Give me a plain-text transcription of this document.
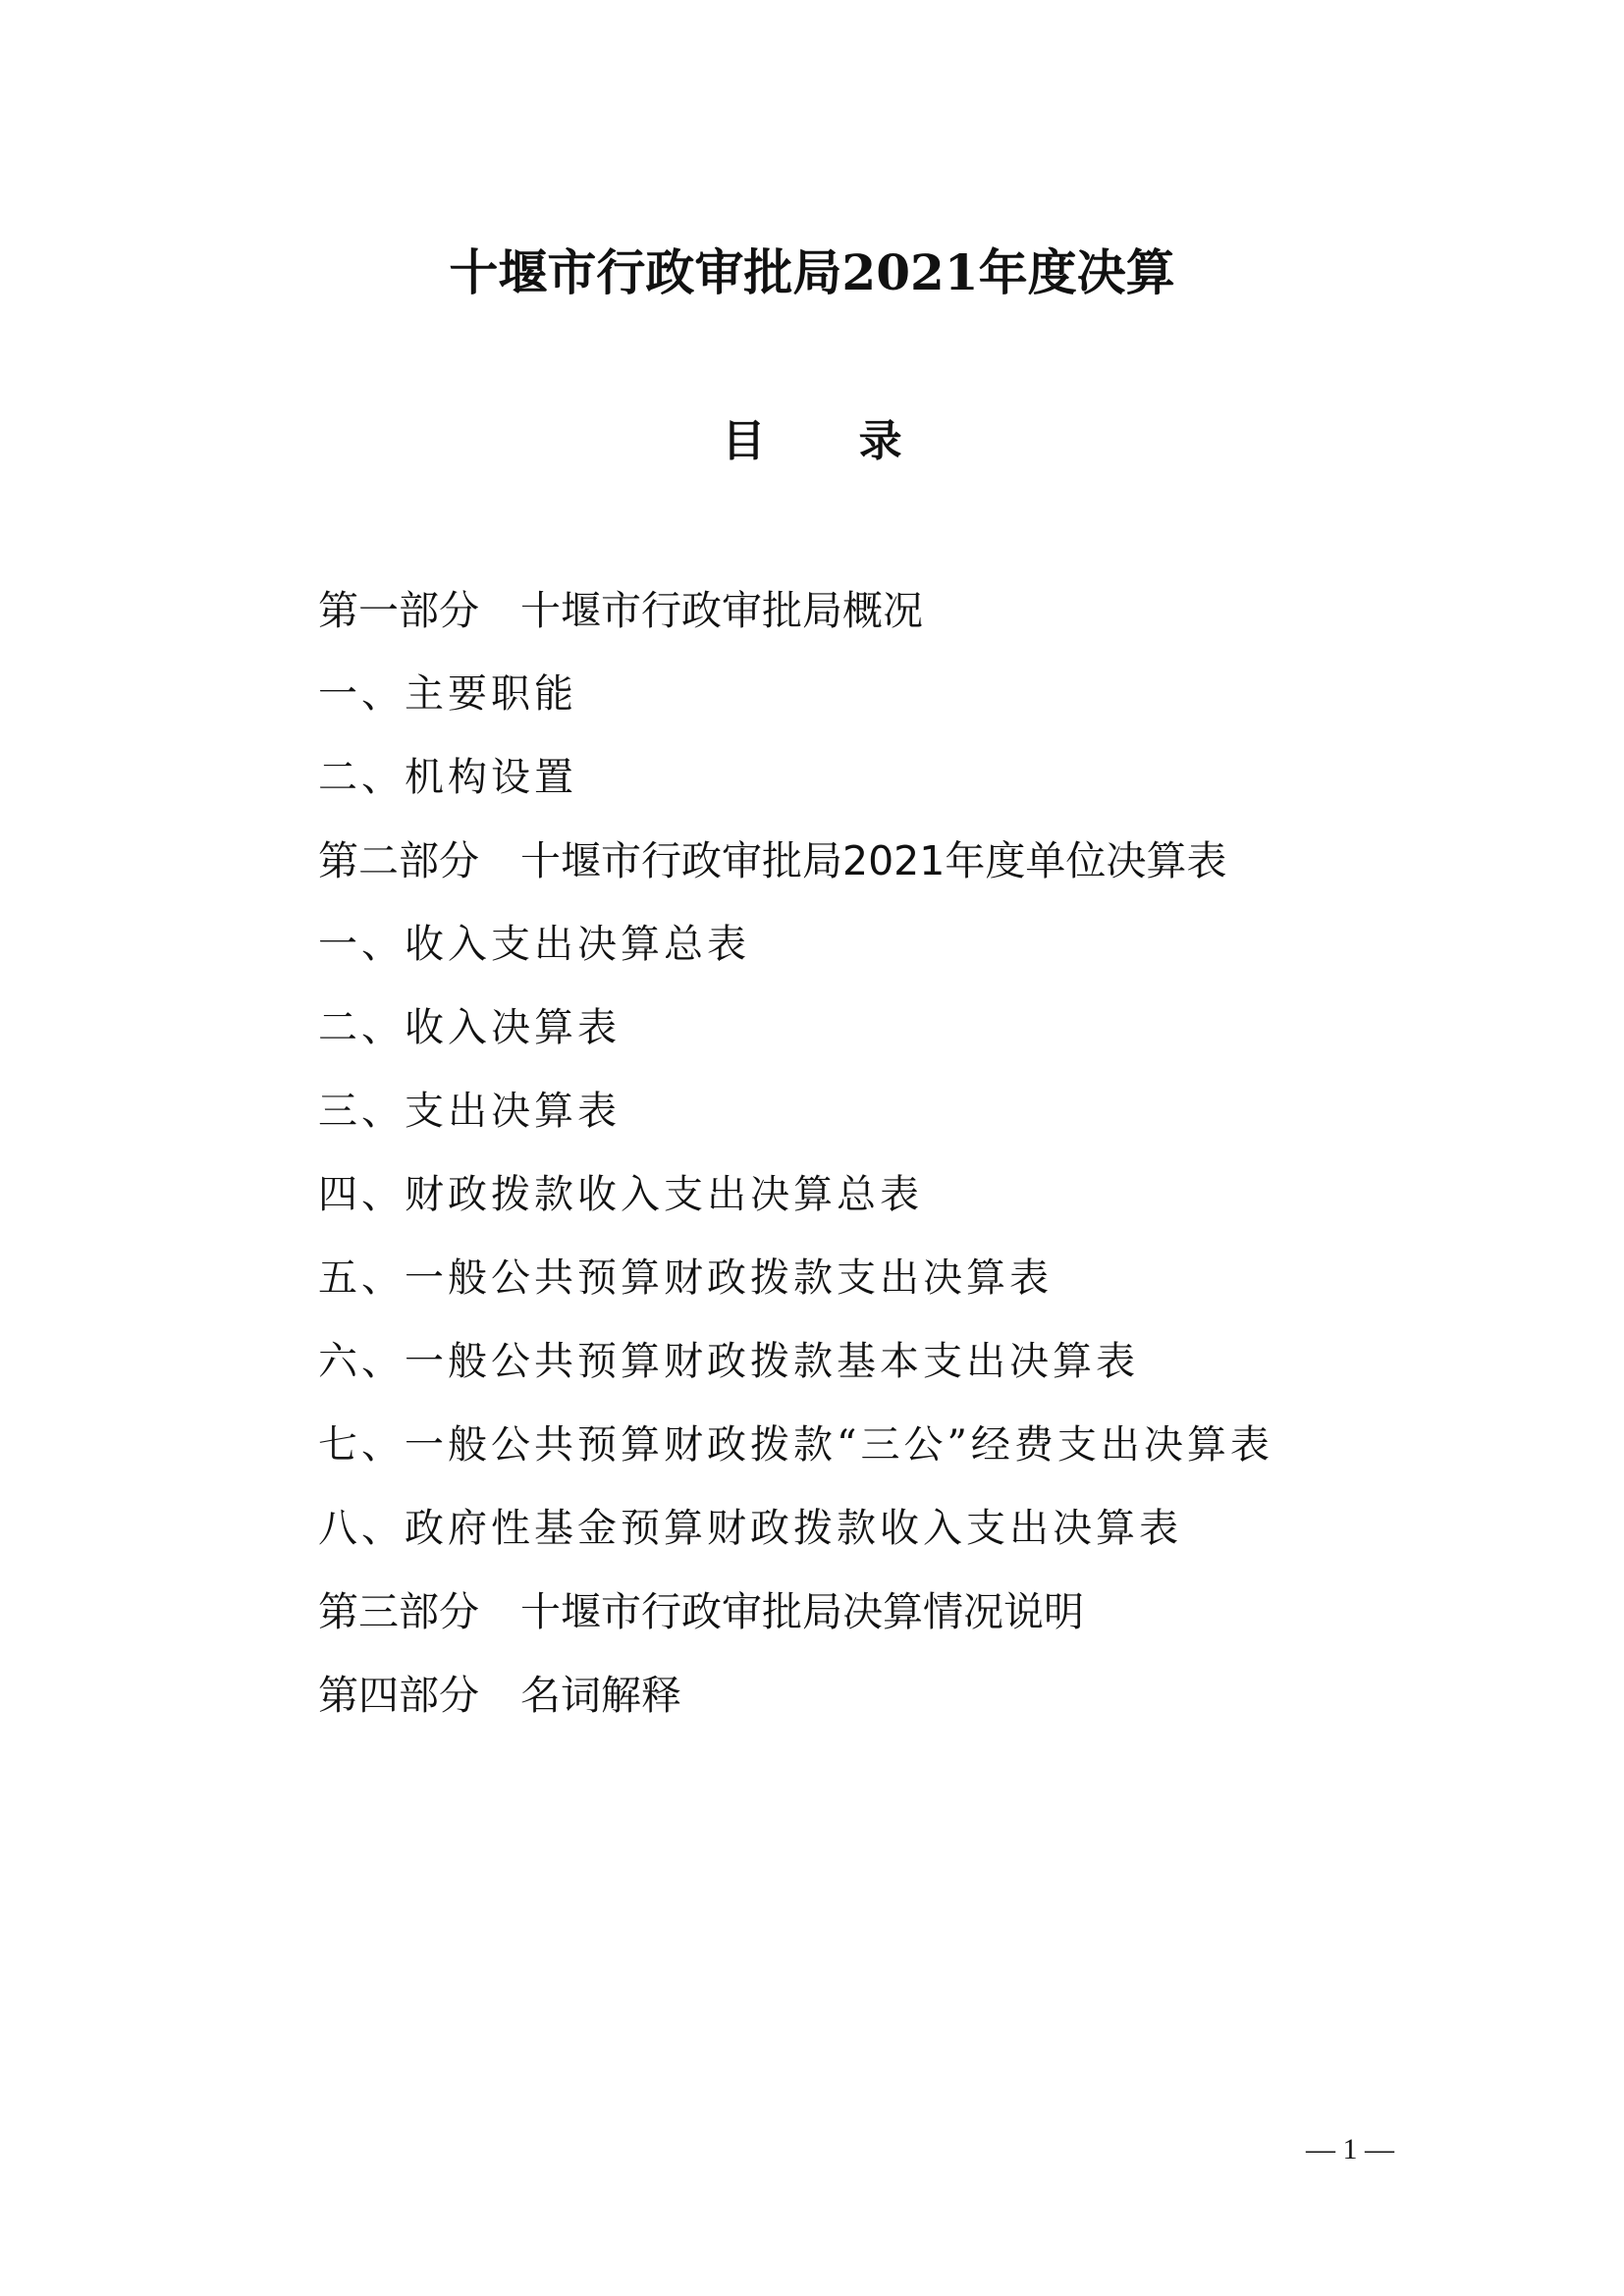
十堰市行政审批局2021年度决算
目 录
第一部分 十堰市行政审批局概况
一、主要职能
二、机构设置
第二部分 十堰市行政审批局2021年度单位决算表
一、收入支出决算总表
二、收入决算表
三、支出决算表
四、财政拨款收入支出决算总表
五、一般公共预算财政拨款支出决算表
六、一般公共预算财政拨款基本支出决算表
七、一般公共预算财政拨款“三公”经费支出决算表
八、政府性基金预算财政拨款收入支出决算表
第三部分 十堰市行政审批局决算情况说明
第四部分 名词解释
— 1 —
